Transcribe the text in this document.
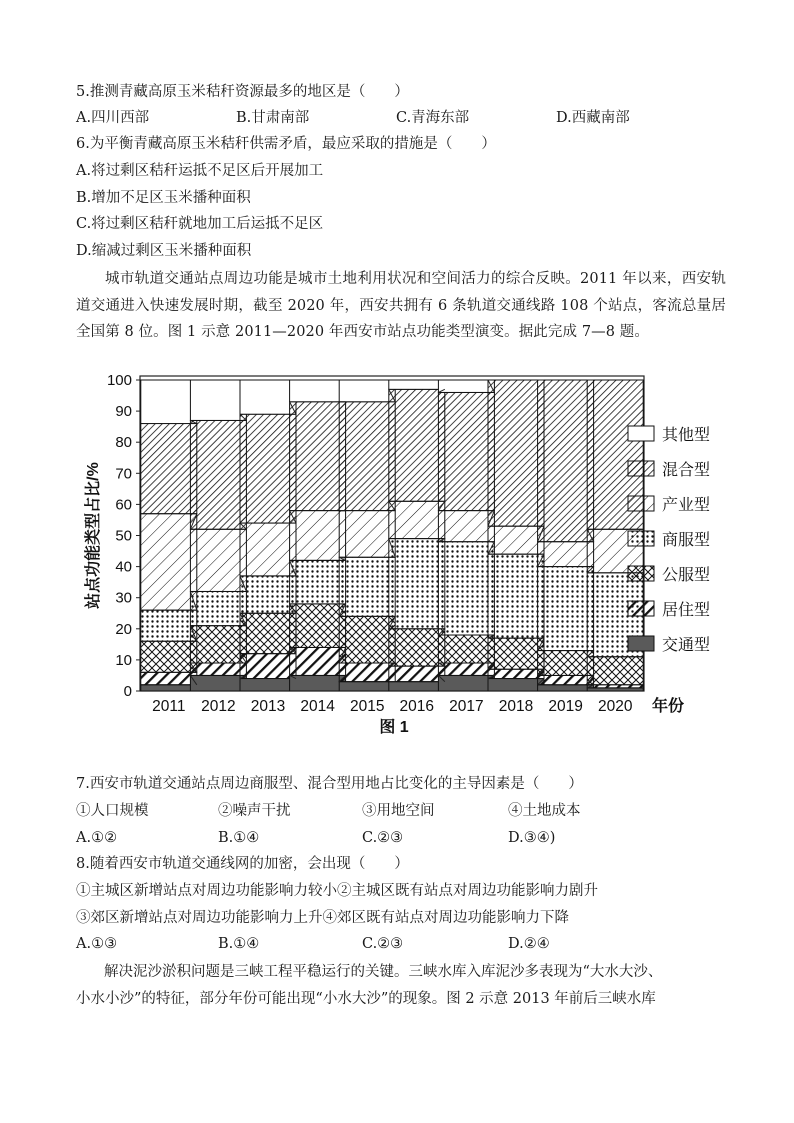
5.推测青藏高原玉米秸秆资源最多的地区是（　　）
A.四川西部	B.甘肃南部	C.青海东部	D.西藏南部
6.为平衡青藏高原玉米秸秆供需矛盾，最应采取的措施是（　　）
A.将过剩区秸秆运抵不足区后开展加工
B.增加不足区玉米播种面积
C.将过剩区秸秆就地加工后运抵不足区
D.缩减过剩区玉米播种面积
城市轨道交通站点周边功能是城市土地利用状况和空间活力的综合反映。2011 年以来，西安轨道交通进入快速发展时期，截至 2020 年，西安共拥有 6 条轨道交通线路 108 个站点，客流总量居全国第 8 位。图 1 示意 2011—2020 年西安市站点功能类型演变。据此完成 7—8 题。
0
10
20
30
40
50
60
70
80
90
100
站点功能类型占比/%
2011 2012 2013 2014 2015 2016 2017 2018 2019 2020 年份
图 1
其他型
混合型
产业型
商服型
公服型
居住型
交通型
7.西安市轨道交通站点周边商服型、混合型用地占比变化的主导因素是（　　）
①人口规模	②噪声干扰	③用地空间	④土地成本
A.①②	B.①④	C.②③	D.③④)
8.随着西安市轨道交通线网的加密，会出现（　　）
①主城区新增站点对周边功能影响力较小②主城区既有站点对周边功能影响力剧升
③郊区新增站点对周边功能影响力上升④郊区既有站点对周边功能影响力下降
A.①③	B.①④	C.②③	D.②④
解决泥沙淤积问题是三峡工程平稳运行的关键。三峡水库入库泥沙多表现为“大水大沙、
小水小沙”的特征，部分年份可能出现“小水大沙”的现象。图 2 示意 2013 年前后三峡水库
